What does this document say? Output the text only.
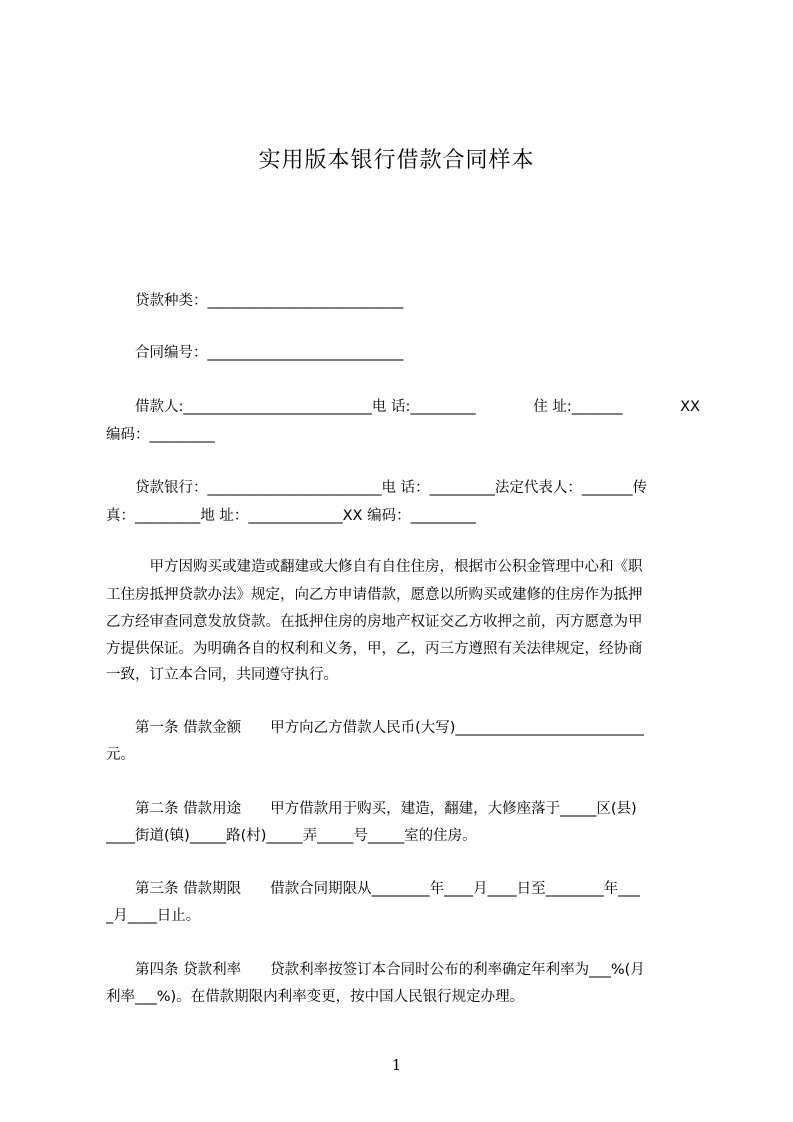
实用版本银行借款合同样本
　　贷款种类：___________________________
　　合同编号：___________________________
　　借款人:__________________________电 话:_________	住 址:_______	XX
编码：_________
　　贷款银行：________________________电 话：_________法定代表人：_______传
真：_________地 址：_____________XX 编码：_________
　　　甲方因购买或建造或翻建或大修自有自住住房，根据市公积金管理中心和《职
工住房抵押贷款办法》规定，向乙方申请借款，愿意以所购买或建修的住房作为抵押
乙方经审查同意发放贷款。在抵押住房的房地产权证交乙方收押之前，丙方愿意为甲
方提供保证。为明确各自的权利和义务，甲，乙，丙三方遵照有关法律规定，经协商
一致，订立本合同，共同遵守执行。
　　第一条 借款金额　　甲方向乙方借款人民币(大写)__________________________
元。
　　第二条 借款用途　　甲方借款用于购买，建造，翻建，大修座落于_____区(县)
____街道(镇)_____路(村)_____弄_____号_____室的住房。
　　第三条 借款期限　　借款合同期限从________年____月____日至________年___
_月____日止。
　　第四条 贷款利率　　贷款利率按签订本合同时公布的利率确定年利率为___%(月
利率___%)。在借款期限内利率变更，按中国人民银行规定办理。
1
